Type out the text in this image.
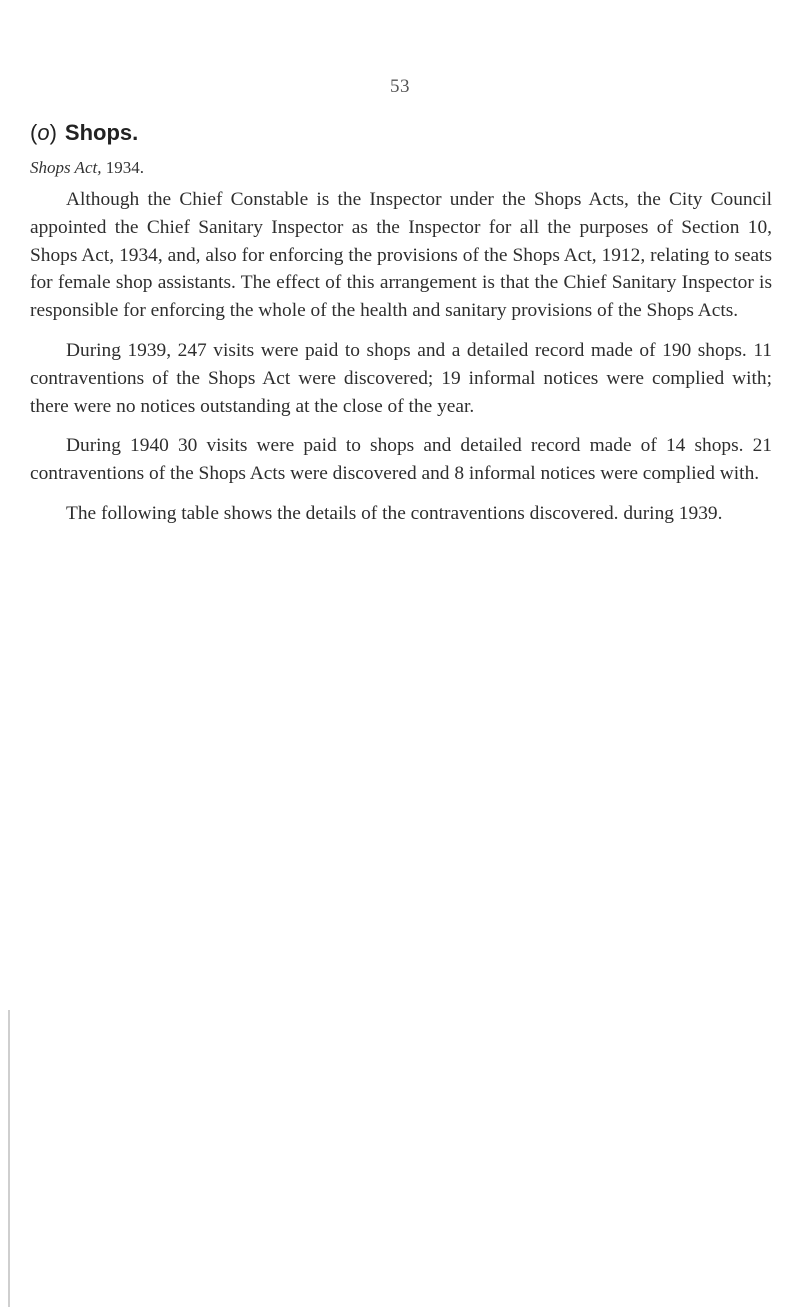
53
(o) Shops.
Shops Act, 1934.

Although the Chief Constable is the Inspector under the Shops Acts, the City Council appointed the Chief Sanitary Inspector as the Inspector for all the purposes of Section 10, Shops Act, 1934, and, also for enforcing the provisions of the Shops Act, 1912, relating to seats for female shop assistants. The effect of this arrangement is that the Chief Sanitary Inspector is responsible for enforcing the whole of the health and sanitary provisions of the Shops Acts.

During 1939, 247 visits were paid to shops and a detailed record made of 190 shops. 11 contraventions of the Shops Act were discovered; 19 informal notices were complied with; there were no notices outstanding at the close of the year.

During 1940 30 visits were paid to shops and detailed record made of 14 shops. 21 contraventions of the Shops Acts were discovered and 8 informal notices were complied with.

The following table shows the details of the contraventions discovered. during 1939.
